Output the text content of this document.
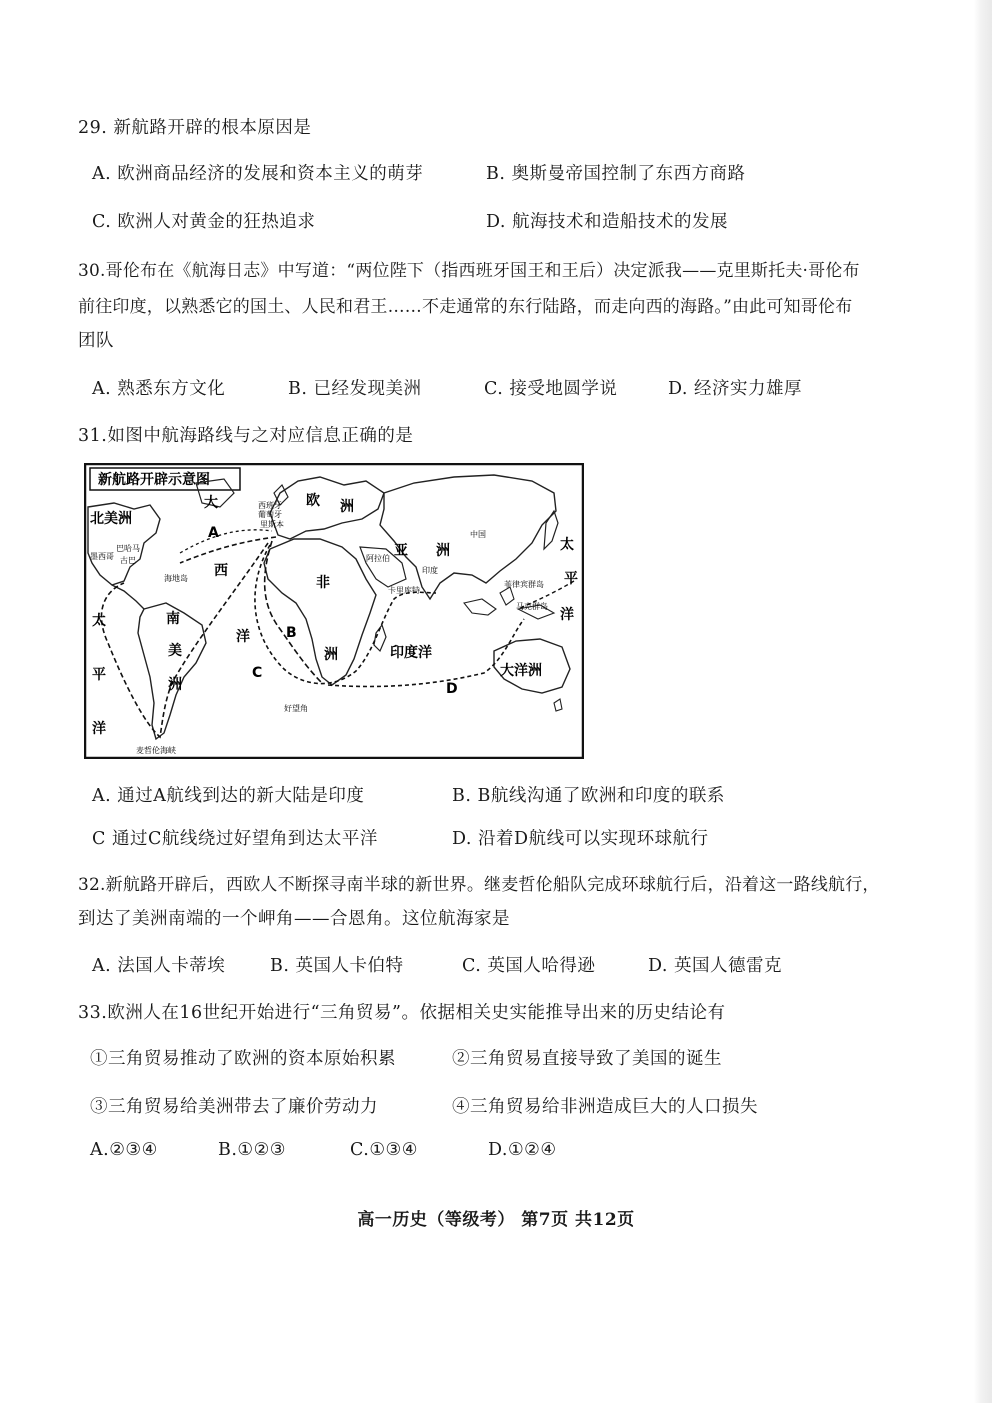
29. 新航路开辟的根本原因是
A. 欧洲商品经济的发展和资本主义的萌芽	B. 奥斯曼帝国控制了东西方商路
C. 欧洲人对黄金的狂热追求	D. 航海技术和造船技术的发展
30.哥伦布在《航海日志》中写道：“两位陛下（指西班牙国王和王后）决定派我——克里斯托夫·哥伦布
前往印度，以熟悉它的国土、人民和君王……不走通常的东行陆路，而走向西的海路。”由此可知哥伦布
团队
A. 熟悉东方文化	B. 已经发现美洲	C. 接受地圆学说	D. 经济实力雄厚
31.如图中航海路线与之对应信息正确的是
新航路开辟示意图
北美洲
大
西
洋
欧 洲
亚 洲
非
洲
南
美
洲
太
平
洋
太
平
洋
印度洋
大洋洲
A
B
C
D
中国
印度
葡萄牙
西班牙
里斯本
阿拉伯
卡里库特
菲律宾群岛
马克群岛
好望角
麦哲伦海峡
巴哈马
古巴
海地岛
墨西哥
A. 通过A航线到达的新大陆是印度	B. B航线沟通了欧洲和印度的联系
C 通过C航线绕过好望角到达太平洋	D. 沿着D航线可以实现环球航行
32.新航路开辟后，西欧人不断探寻南半球的新世界。继麦哲伦船队完成环球航行后，沿着这一路线航行，
到达了美洲南端的一个岬角——合恩角。这位航海家是
A. 法国人卡蒂埃	B. 英国人卡伯特	C. 英国人哈得逊	D. 英国人德雷克
33.欧洲人在16世纪开始进行“三角贸易”。依据相关史实能推导出来的历史结论有
①三角贸易推动了欧洲的资本原始积累	②三角贸易直接导致了美国的诞生
③三角贸易给美洲带去了廉价劳动力	④三角贸易给非洲造成巨大的人口损失
A.②③④	B.①②③	C.①③④	D.①②④
高一历史（等级考） 第7页 共12页
